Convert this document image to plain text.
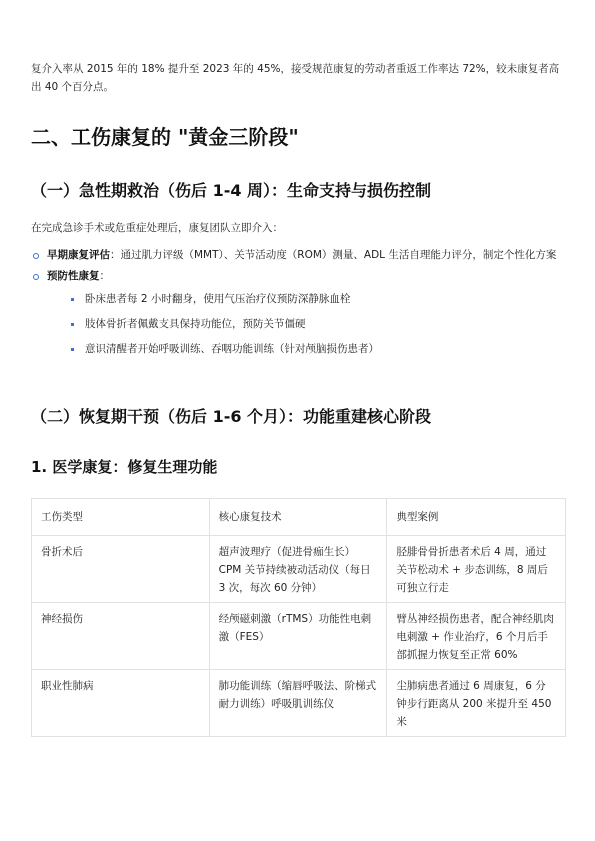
复介入率从 2015 年的 18% 提升至 2023 年的 45%，接受规范康复的劳动者重返工作率达 72%，较未康复者高出 40 个百分点。
二、工伤康复的 "黄金三阶段"
（一）急性期救治（伤后 1-4 周）：生命支持与损伤控制
在完成急诊手术或危重症处理后，康复团队立即介入：
早期康复评估：通过肌力评级（MMT）、关节活动度（ROM）测量、ADL 生活自理能力评分，制定个性化方案
预防性康复：
卧床患者每 2 小时翻身，使用气压治疗仪预防深静脉血栓
肢体骨折者佩戴支具保持功能位，预防关节僵硬
意识清醒者开始呼吸训练、吞咽功能训练（针对颅脑损伤患者）
（二）恢复期干预（伤后 1-6 个月）：功能重建核心阶段
1. 医学康复：修复生理功能
工伤类型	核心康复技术	典型案例
骨折术后	超声波理疗（促进骨痂生长）CPM 关节持续被动活动仪（每日 3 次，每次 60 分钟）	胫腓骨骨折患者术后 4 周，通过关节松动术 + 步态训练，8 周后可独立行走
神经损伤	经颅磁刺激（rTMS）功能性电刺激（FES）	臂丛神经损伤患者，配合神经肌肉电刺激 + 作业治疗，6 个月后手部抓握力恢复至正常 60%
职业性肺病	肺功能训练（缩唇呼吸法、阶梯式耐力训练）呼吸肌训练仪	尘肺病患者通过 6 周康复，6 分钟步行距离从 200 米提升至 450 米
